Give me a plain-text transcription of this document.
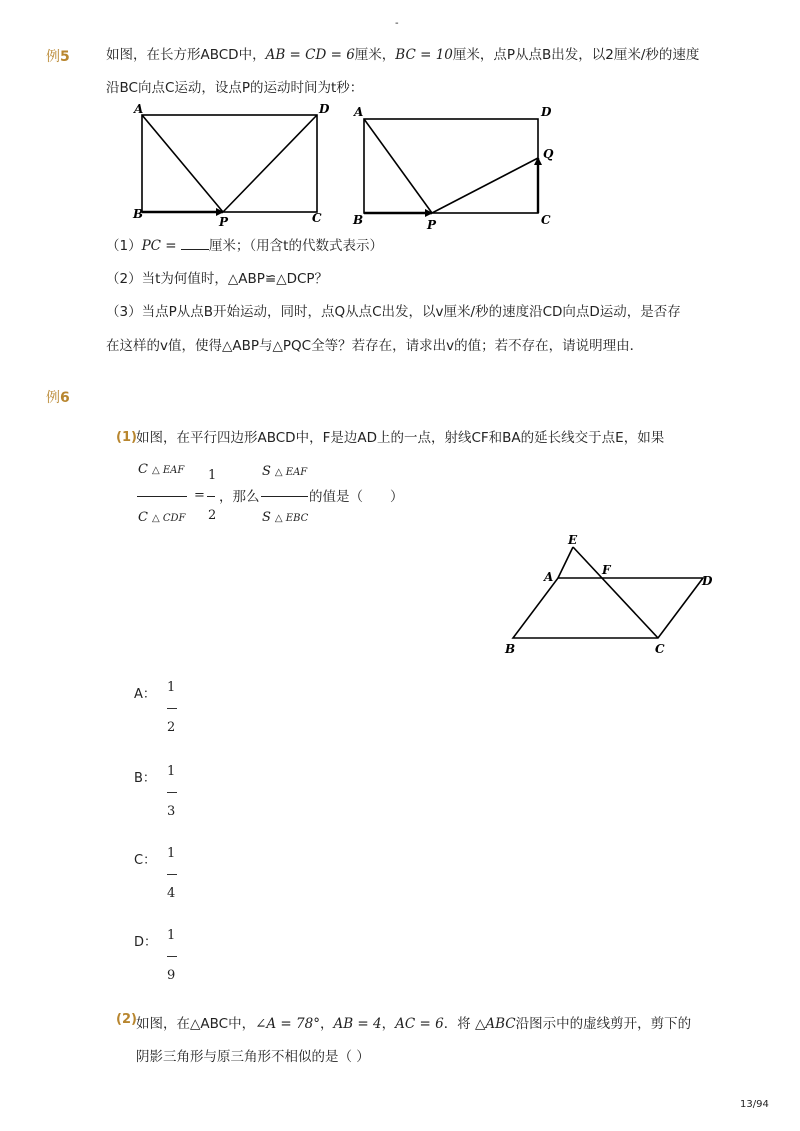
-
例5	如图，在长方形ABCD中，AB = CD = 6厘米，BC = 10厘米，点P从点B出发，以2厘米/秒的速度
沿BC向点C运动，设点P的运动时间为t秒：
A	D
B
P	C
A	D
Q
B	P	C
（1）PC = 厘米；（用含t的代数式表示）
（2）当t为何值时，△ABP≌△DCP？
（3）当点P从点B开始运动，同时，点Q从点C出发，以v厘米/秒的速度沿CD向点D运动，是否存
在这样的v值，使得△ABP与△PQC全等？若存在，请求出v的值；若不存在，请说明理由．
例6
(1) 如图，在平行四边形ABCD中，F是边AD上的一点，射线CF和BA的延长线交于点E，如果
C △ EAF
C △ CDF
=
1
2
，那么
S △ EAF
S △ EBC
的值是（　　）
E
A	F
D
B	C
A： 1
2
B： 1
3
C： 1
4
D： 1
9
(2) 如图，在△ABC中，∠A = 78°，AB = 4，AC = 6．将 △ABC沿图示中的虚线剪开，剪下的
阴影三角形与原三角形不相似的是（ ）
13/94
